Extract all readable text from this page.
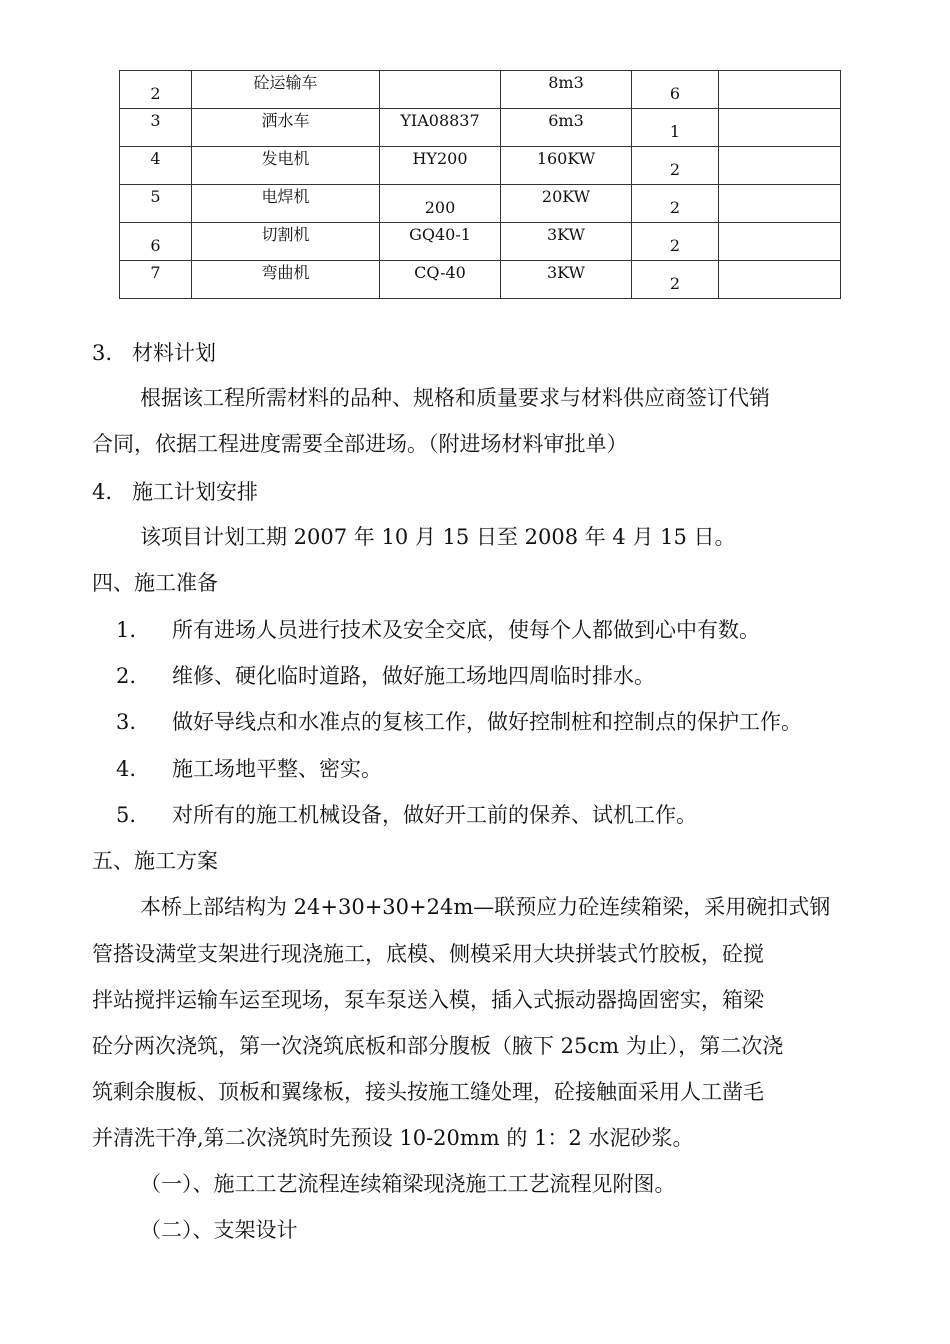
2	砼运输车		8m3	6	
3	洒水车	YIA08837	6m3	1	
4	发电机	HY200	160KW	2	
5	电焊机	200	20KW	2	
6	切割机	GQ40-1	3KW	2	
7	弯曲机	CQ-40	3KW	2	
3. 材料计划
根据该工程所需材料的品种、规格和质量要求与材料供应商签订代销
合同，依据工程进度需要全部进场。（附进场材料审批单）
4. 施工计划安排
该项目计划工期 2007 年 10 月 15 日至 2008 年 4 月 15 日。
四、施工准备
1. 所有进场人员进行技术及安全交底，使每个人都做到心中有数。
2. 维修、硬化临时道路，做好施工场地四周临时排水。
3. 做好导线点和水准点的复核工作，做好控制桩和控制点的保护工作。
4. 施工场地平整、密实。
5. 对所有的施工机械设备，做好开工前的保养、试机工作。
五、施工方案
本桥上部结构为 24+30+30+24m—联预应力砼连续箱梁，采用碗扣式钢
管搭设满堂支架进行现浇施工，底模、侧模采用大块拼装式竹胶板，砼搅
拌站搅拌运输车运至现场，泵车泵送入模，插入式振动器捣固密实，箱梁
砼分两次浇筑，第一次浇筑底板和部分腹板（腋下 25cm 为止），第二次浇
筑剩余腹板、顶板和翼缘板，接头按施工缝处理，砼接触面采用人工凿毛
并清洗干净,第二次浇筑时先预设 10-20mm 的 1：2 水泥砂浆。
（一）、施工工艺流程连续箱梁现浇施工工艺流程见附图。
（二）、支架设计
